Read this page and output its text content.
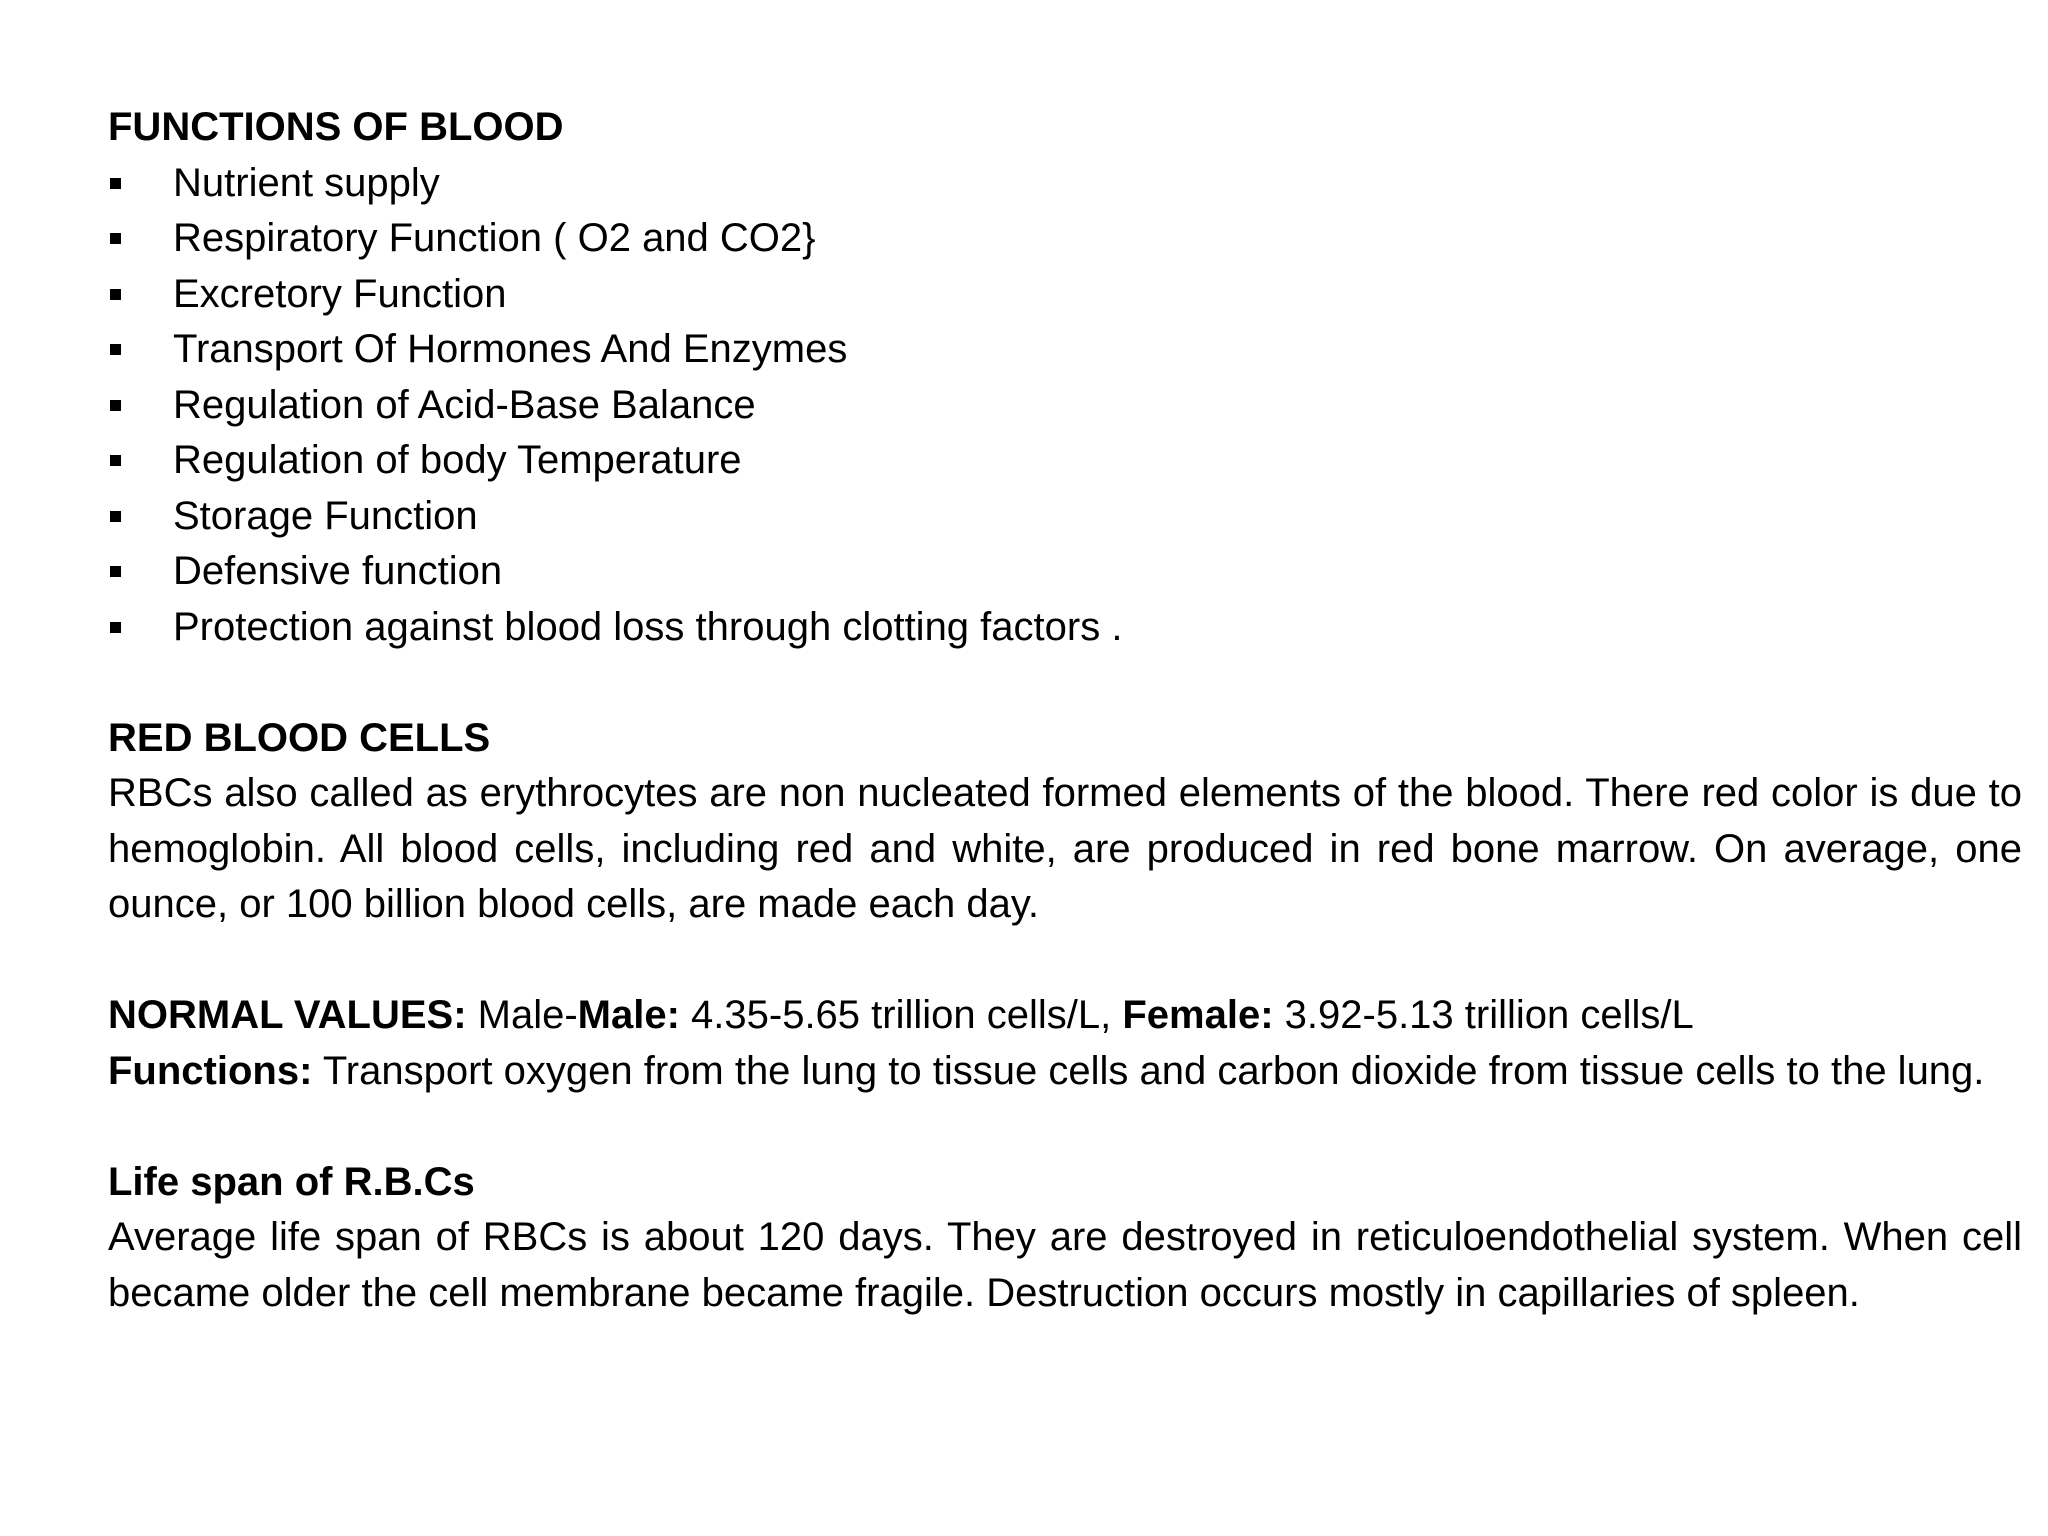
FUNCTIONS OF BLOOD

Nutrient supply
Respiratory Function ( O2 and CO2}
Excretory Function
Transport Of Hormones And Enzymes
Regulation of Acid-Base Balance
Regulation of body Temperature
Storage Function
Defensive function
Protection against blood loss through clotting factors .

RED BLOOD CELLS

RBCs also called as erythrocytes are non nucleated formed elements of the blood. There red color is due to hemoglobin. All blood cells, including red and white, are produced in red bone marrow. On average, one ounce, or 100 billion blood cells, are made each day.

NORMAL VALUES: Male-Male: 4.35-5.65 trillion cells/L, Female: 3.92-5.13 trillion cells/L

Functions: Transport oxygen from the lung to tissue cells and carbon dioxide from tissue cells to the lung.

Life span of R.B.Cs

Average life span of RBCs is about 120 days. They are destroyed in reticuloendothelial system. When cell became older the cell membrane became fragile. Destruction occurs mostly in capillaries of spleen.
